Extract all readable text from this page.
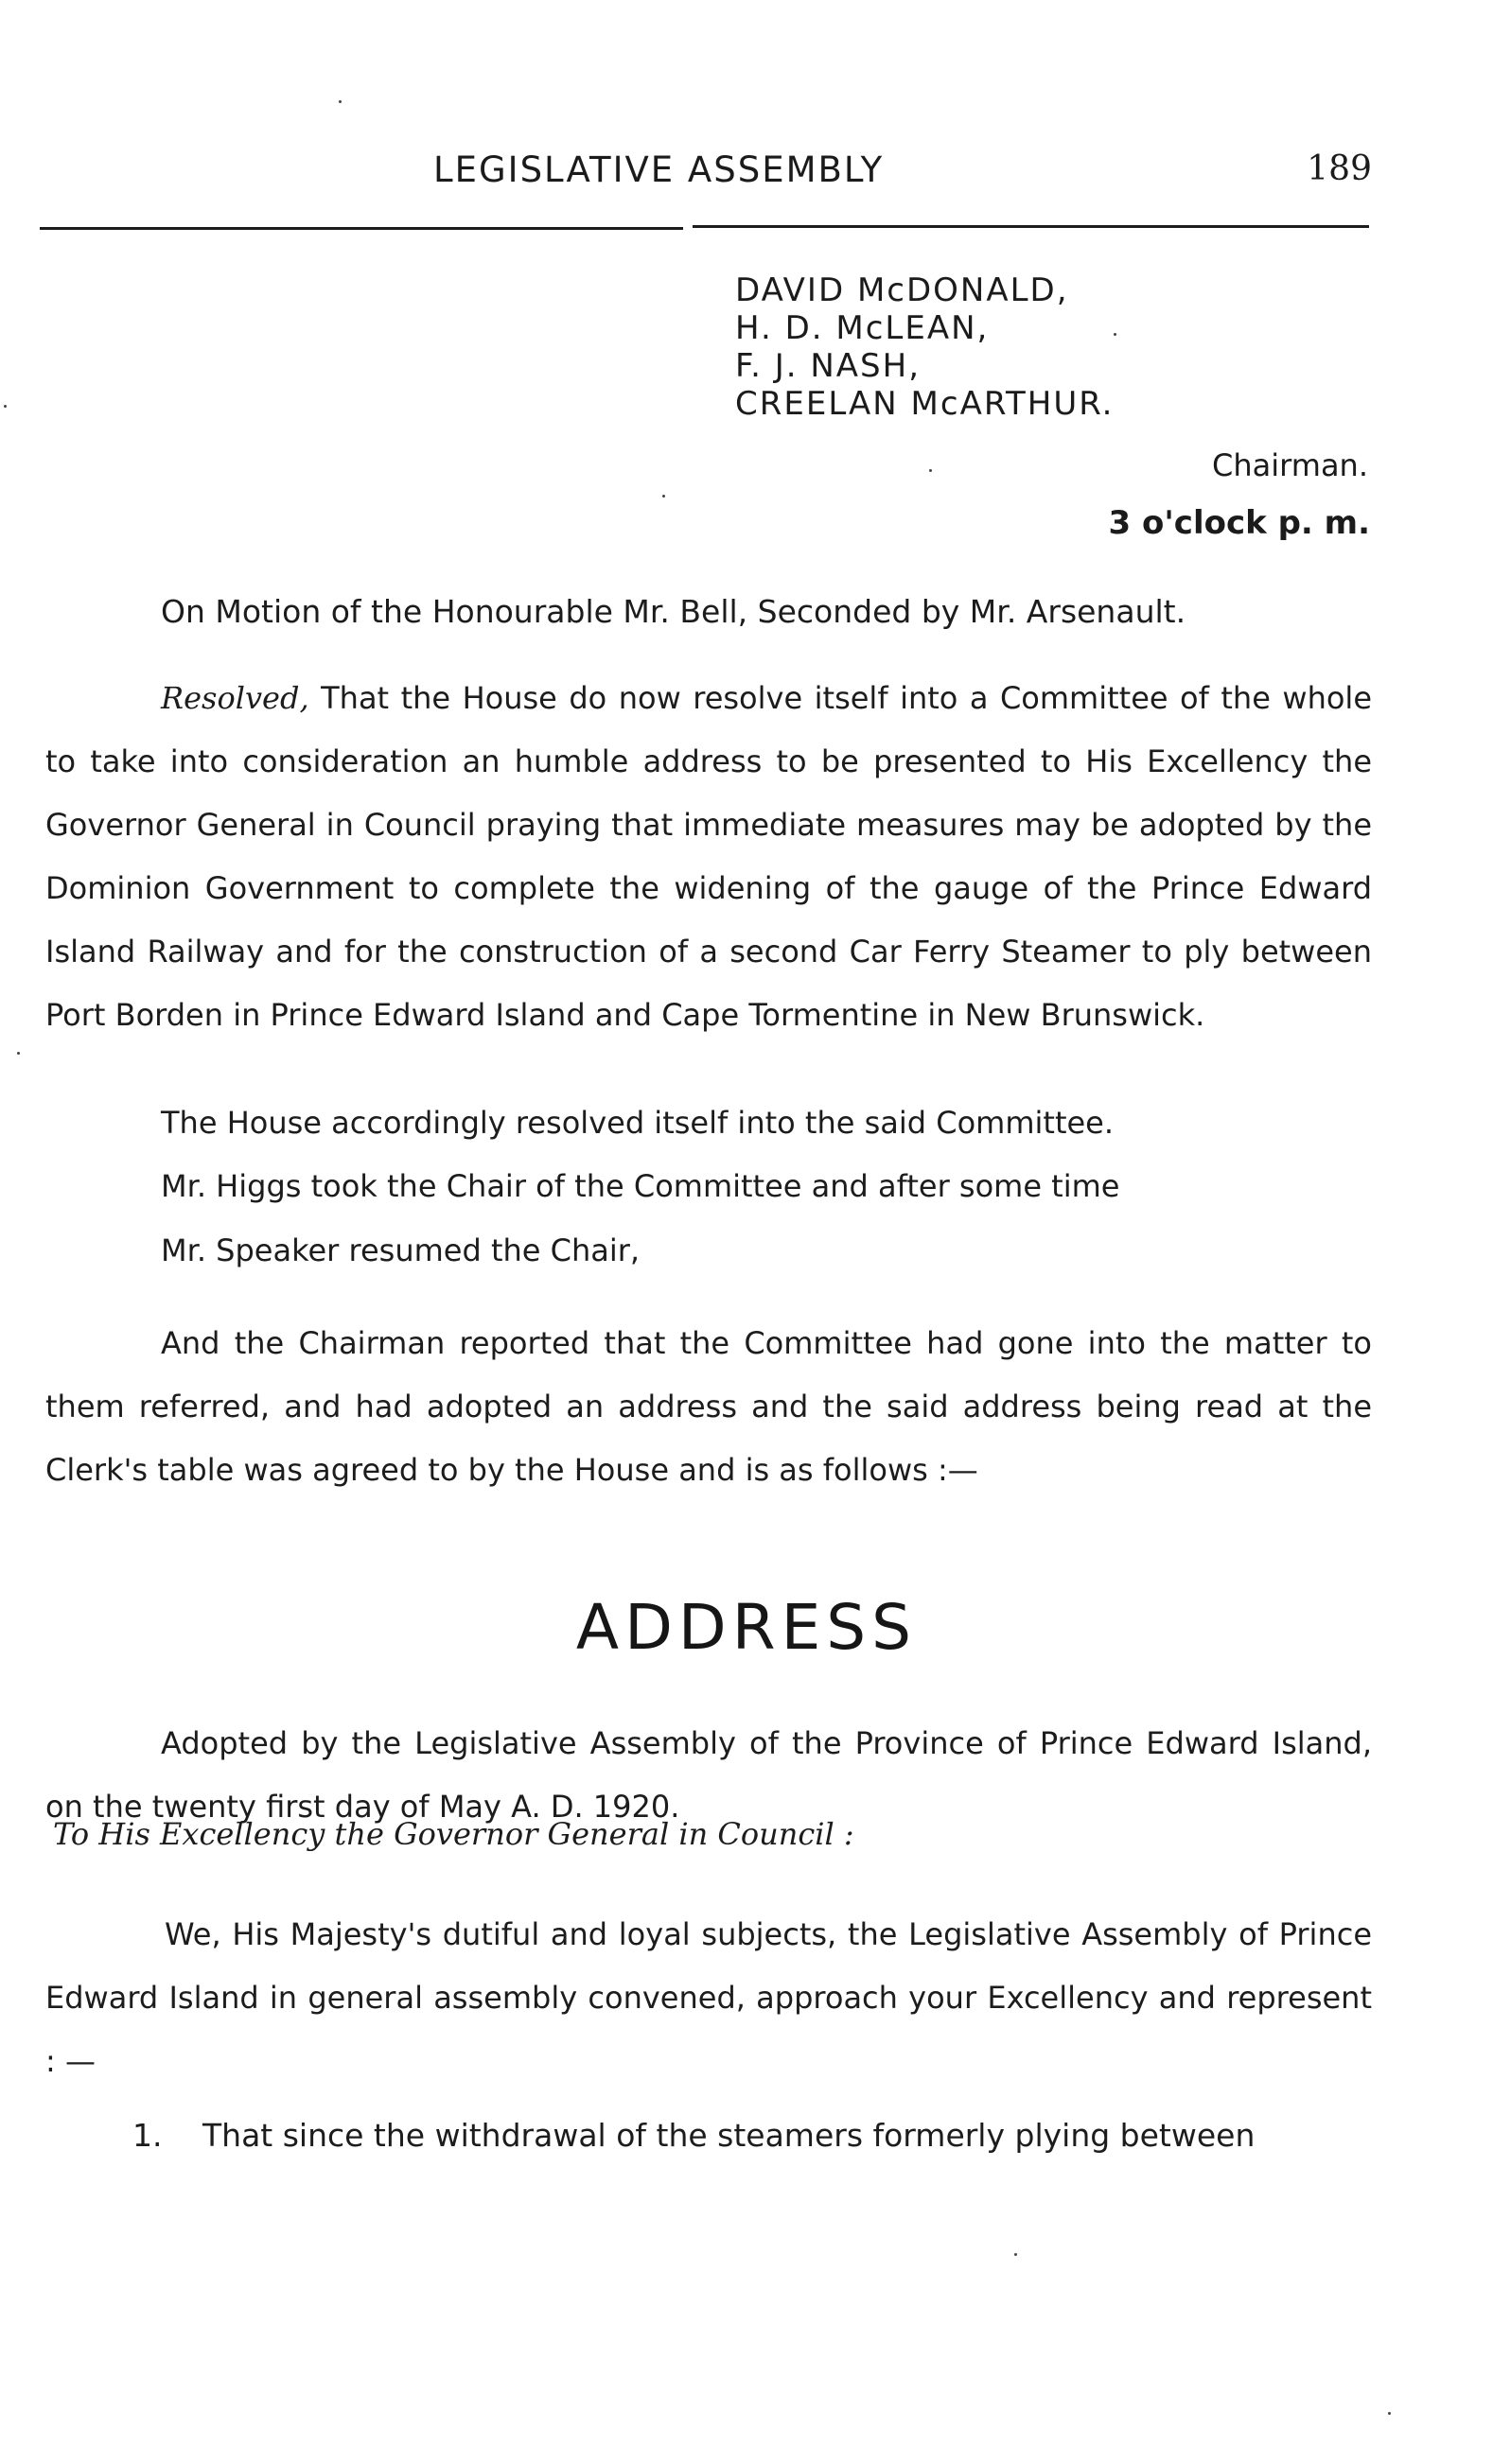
LEGISLATIVE ASSEMBLY	189
DAVID McDONALD,
H. D. McLEAN,
F. J. NASH,
CREELAN McARTHUR.
Chairman.
3 o'clock p. m.
On Motion of the Honourable Mr. Bell, Seconded by Mr. Arsenault.
Resolved, That the House do now resolve itself into a Committee of the whole to take into consideration an humble address to be presented to His Excellency the Governor General in Council praying that immediate measures may be adopted by the Dominion Government to complete the widening of the gauge of the Prince Edward Island Railway and for the construction of a second Car Ferry Steamer to ply between Port Borden in Prince Edward Island and Cape Tormentine in New Brunswick.
The House accordingly resolved itself into the said Committee.
Mr. Higgs took the Chair of the Committee and after some time
Mr. Speaker resumed the Chair,
And the Chairman reported that the Committee had gone into the matter to them referred, and had adopted an address and the said address being read at the Clerk's table was agreed to by the House and is as follows :—
ADDRESS
Adopted by the Legislative Assembly of the Province of Prince Edward Island, on the twenty first day of May A. D. 1920.
To His Excellency the Governor General in Council :
We, His Majesty's dutiful and loyal subjects, the Legislative Assembly of Prince Edward Island in general assembly convened, approach your Excellency and represent : —
1. That since the withdrawal of the steamers formerly plying between
